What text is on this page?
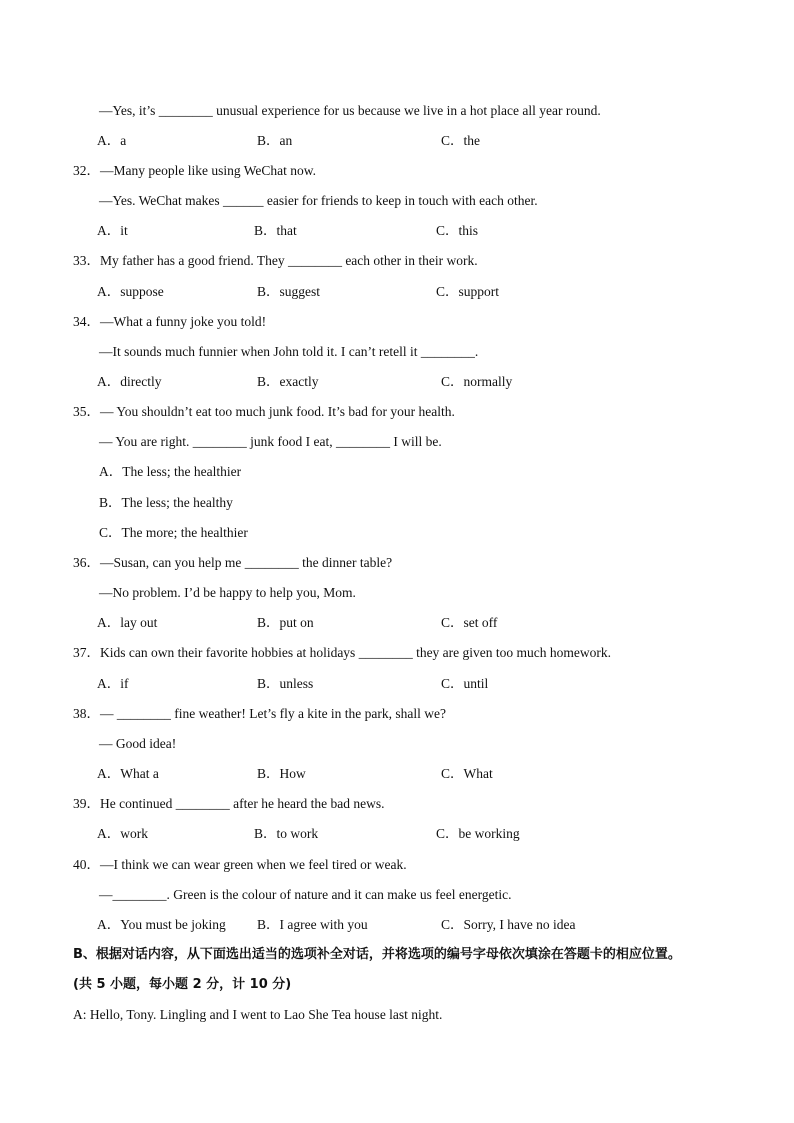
—Yes, it’s ________ unusual experience for us because we live in a hot place all year round.
A．a	B．an	C．the
32．—Many people like using WeChat now.
—Yes. WeChat makes ______ easier for friends to keep in touch with each other.
A．it	B．that	C．this
33．My father has a good friend. They ________ each other in their work.
A．suppose	B．suggest	C．support
34．—What a funny joke you told!
—It sounds much funnier when John told it. I can’t retell it ________.
A．directly	B．exactly	C．normally
35．— You shouldn’t eat too much junk food. It’s bad for your health.
— You are right. ________ junk food I eat, ________ I will be.
A．The less; the healthier
B．The less; the healthy
C．The more; the healthier
36．—Susan, can you help me ________ the dinner table?
—No problem. I’d be happy to help you, Mom.
A．lay out	B．put on	C．set off
37．Kids can own their favorite hobbies at holidays ________ they are given too much homework.
A．if	B．unless	C．until
38．— ________ fine weather! Let’s fly a kite in the park, shall we?
— Good idea!
A．What a	B．How	C．What
39．He continued ________ after he heard the bad news.
A．work	B．to work	C．be working
40．—I think we can wear green when we feel tired or weak.
—________. Green is the colour of nature and it can make us feel energetic.
A．You must be joking B．I agree with you	C．Sorry, I have no idea
B、根据对话内容，从下面选出适当的选项补全对话，并将选项的编号字母依次填涂在答题卡的相应位置。
(共 5 小题，每小题 2 分，计 10 分)
A: Hello, Tony. Lingling and I went to Lao She Tea house last night.
